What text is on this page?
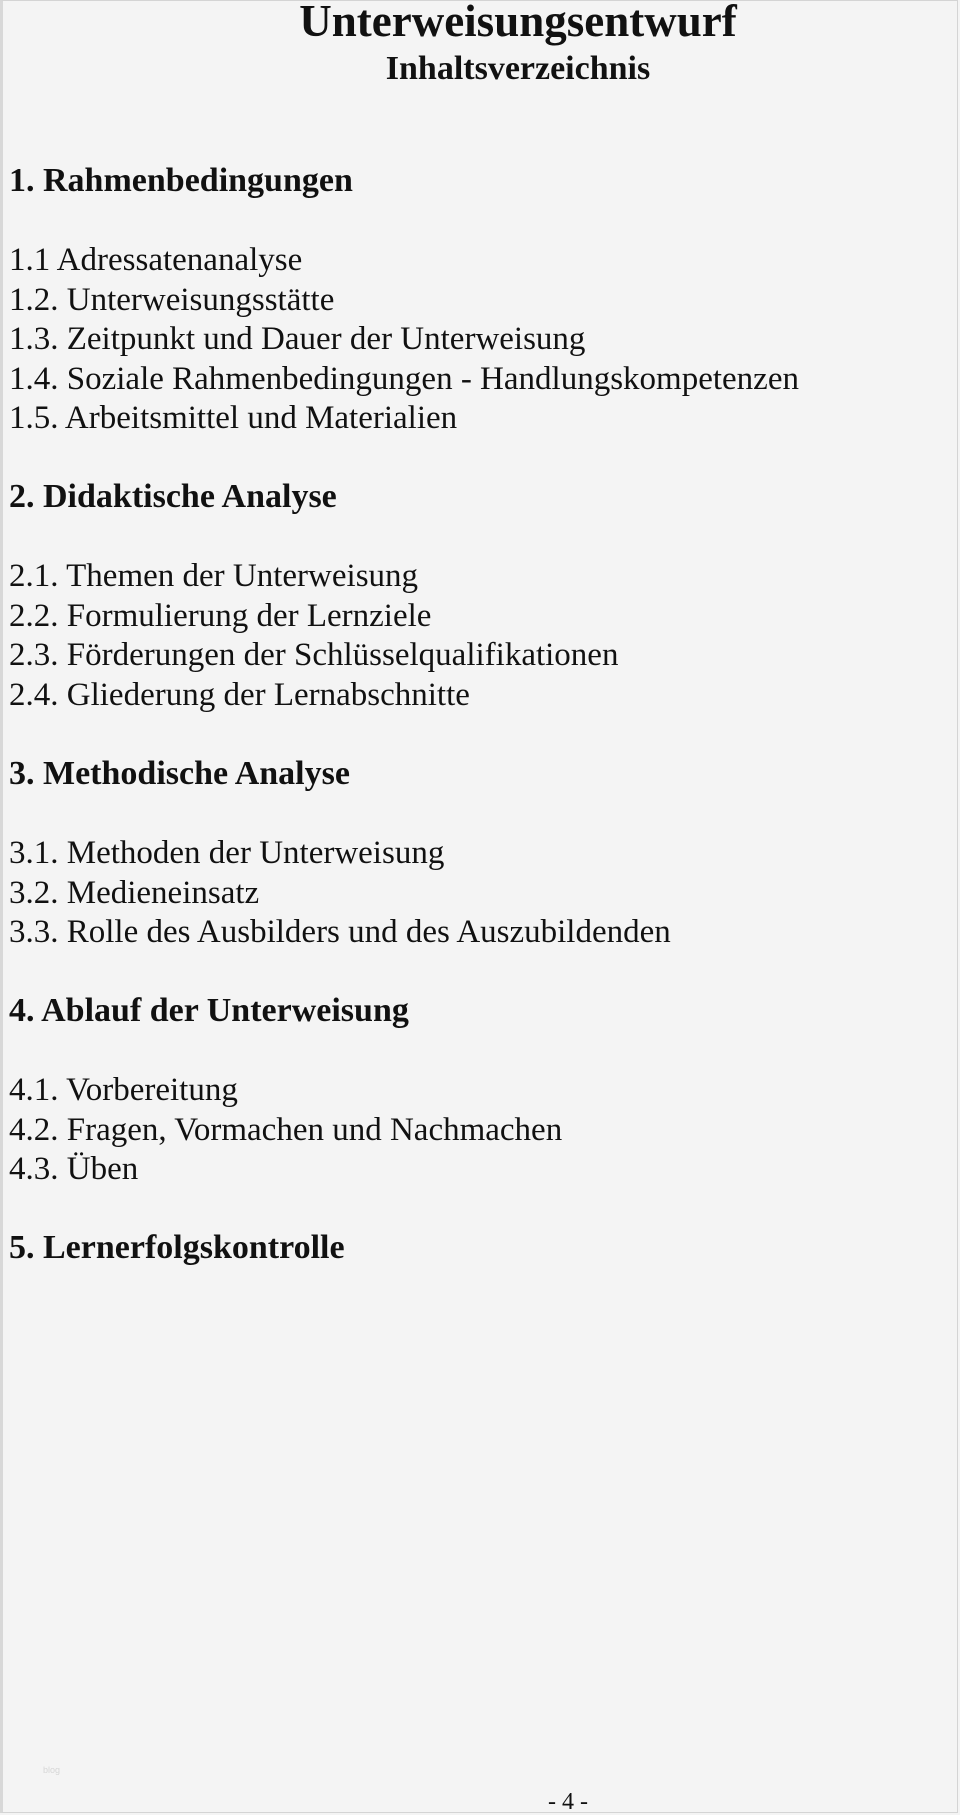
Unterweisungsentwurf
Inhaltsverzeichnis
1. Rahmenbedingungen
1.1 Adressatenanalyse
1.2. Unterweisungsstätte
1.3. Zeitpunkt und Dauer der Unterweisung
1.4. Soziale Rahmenbedingungen - Handlungskompetenzen
1.5. Arbeitsmittel und Materialien
2. Didaktische Analyse
2.1. Themen der Unterweisung
2.2. Formulierung der Lernziele
2.3. Förderungen der Schlüsselqualifikationen
2.4. Gliederung der Lernabschnitte
3. Methodische Analyse
3.1. Methoden der Unterweisung
3.2. Medieneinsatz
3.3. Rolle des Ausbilders und des Auszubildenden
4. Ablauf der Unterweisung
4.1. Vorbereitung
4.2. Fragen, Vormachen und Nachmachen
4.3. Üben
5. Lernerfolgskontrolle
blog
- 4 -
